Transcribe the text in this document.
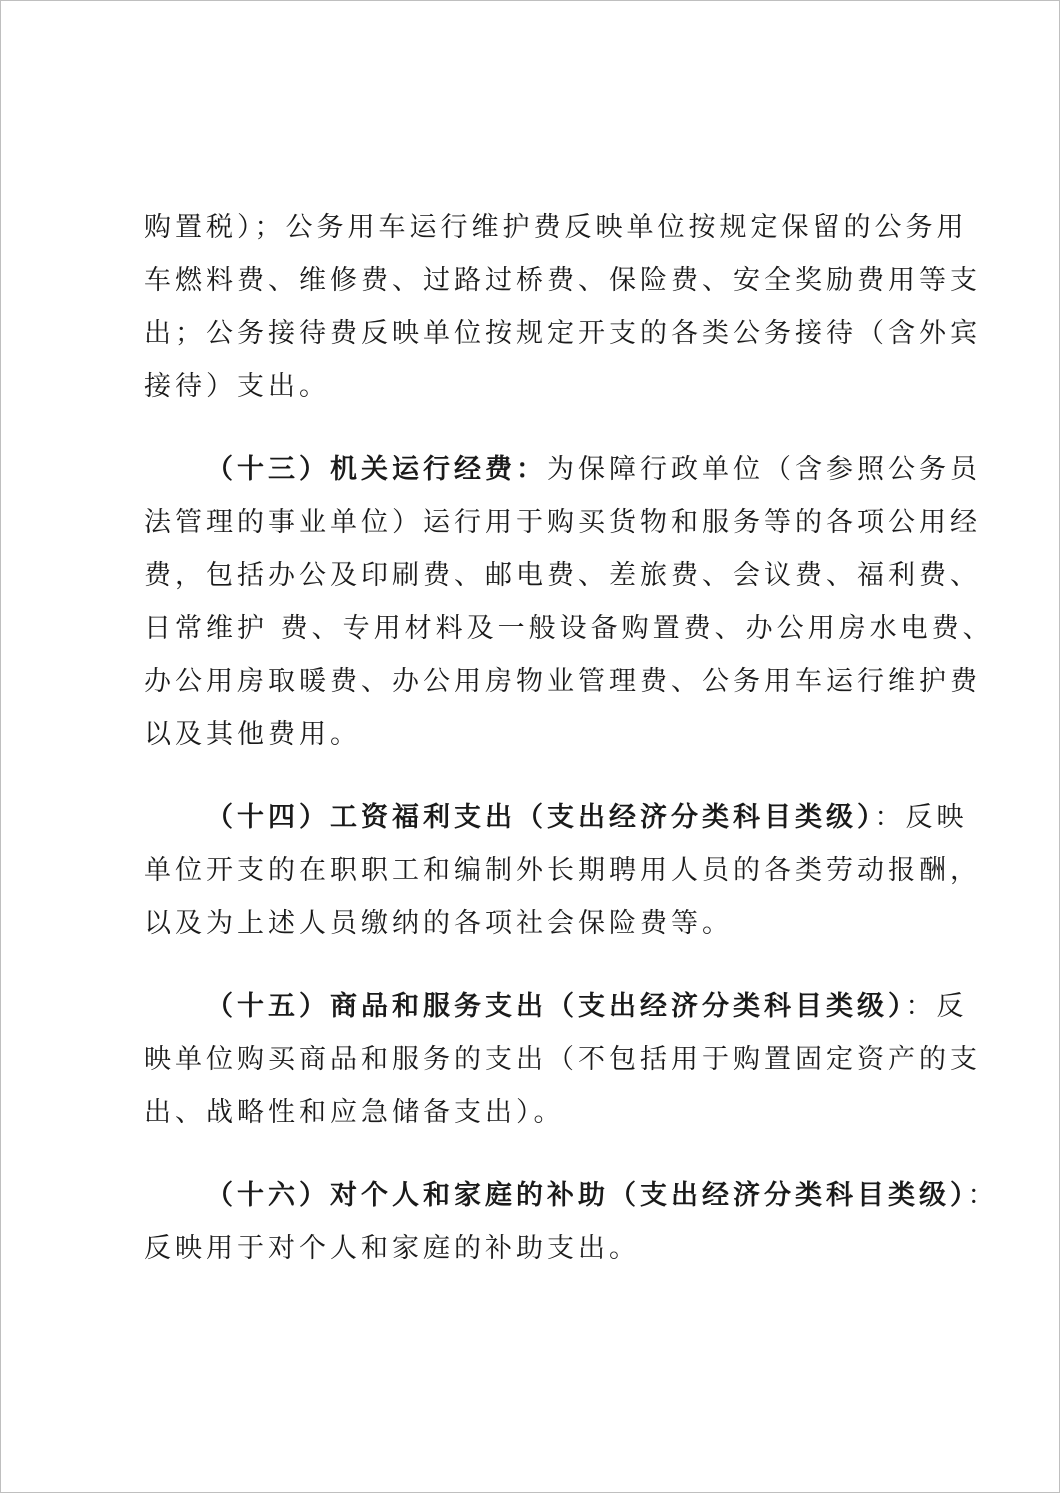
购置税）；公务用车运行维护费反映单位按规定保留的公务用
车燃料费、维修费、过路过桥费、保险费、安全奖励费用等支
出；公务接待费反映单位按规定开支的各类公务接待（含外宾
接待）支出。
（十三）机关运行经费：为保障行政单位（含参照公务员
法管理的事业单位）运行用于购买货物和服务等的各项公用经
费，包括办公及印刷费、邮电费、差旅费、会议费、福利费、
日常维护 费、专用材料及一般设备购置费、办公用房水电费、
办公用房取暖费、办公用房物业管理费、公务用车运行维护费
以及其他费用。
（十四）工资福利支出（支出经济分类科目类级）：反映
单位开支的在职职工和编制外长期聘用人员的各类劳动报酬，
以及为上述人员缴纳的各项社会保险费等。
（十五）商品和服务支出（支出经济分类科目类级）：反
映单位购买商品和服务的支出（不包括用于购置固定资产的支
出、战略性和应急储备支出）。
（十六）对个人和家庭的补助（支出经济分类科目类级）：
反映用于对个人和家庭的补助支出。
